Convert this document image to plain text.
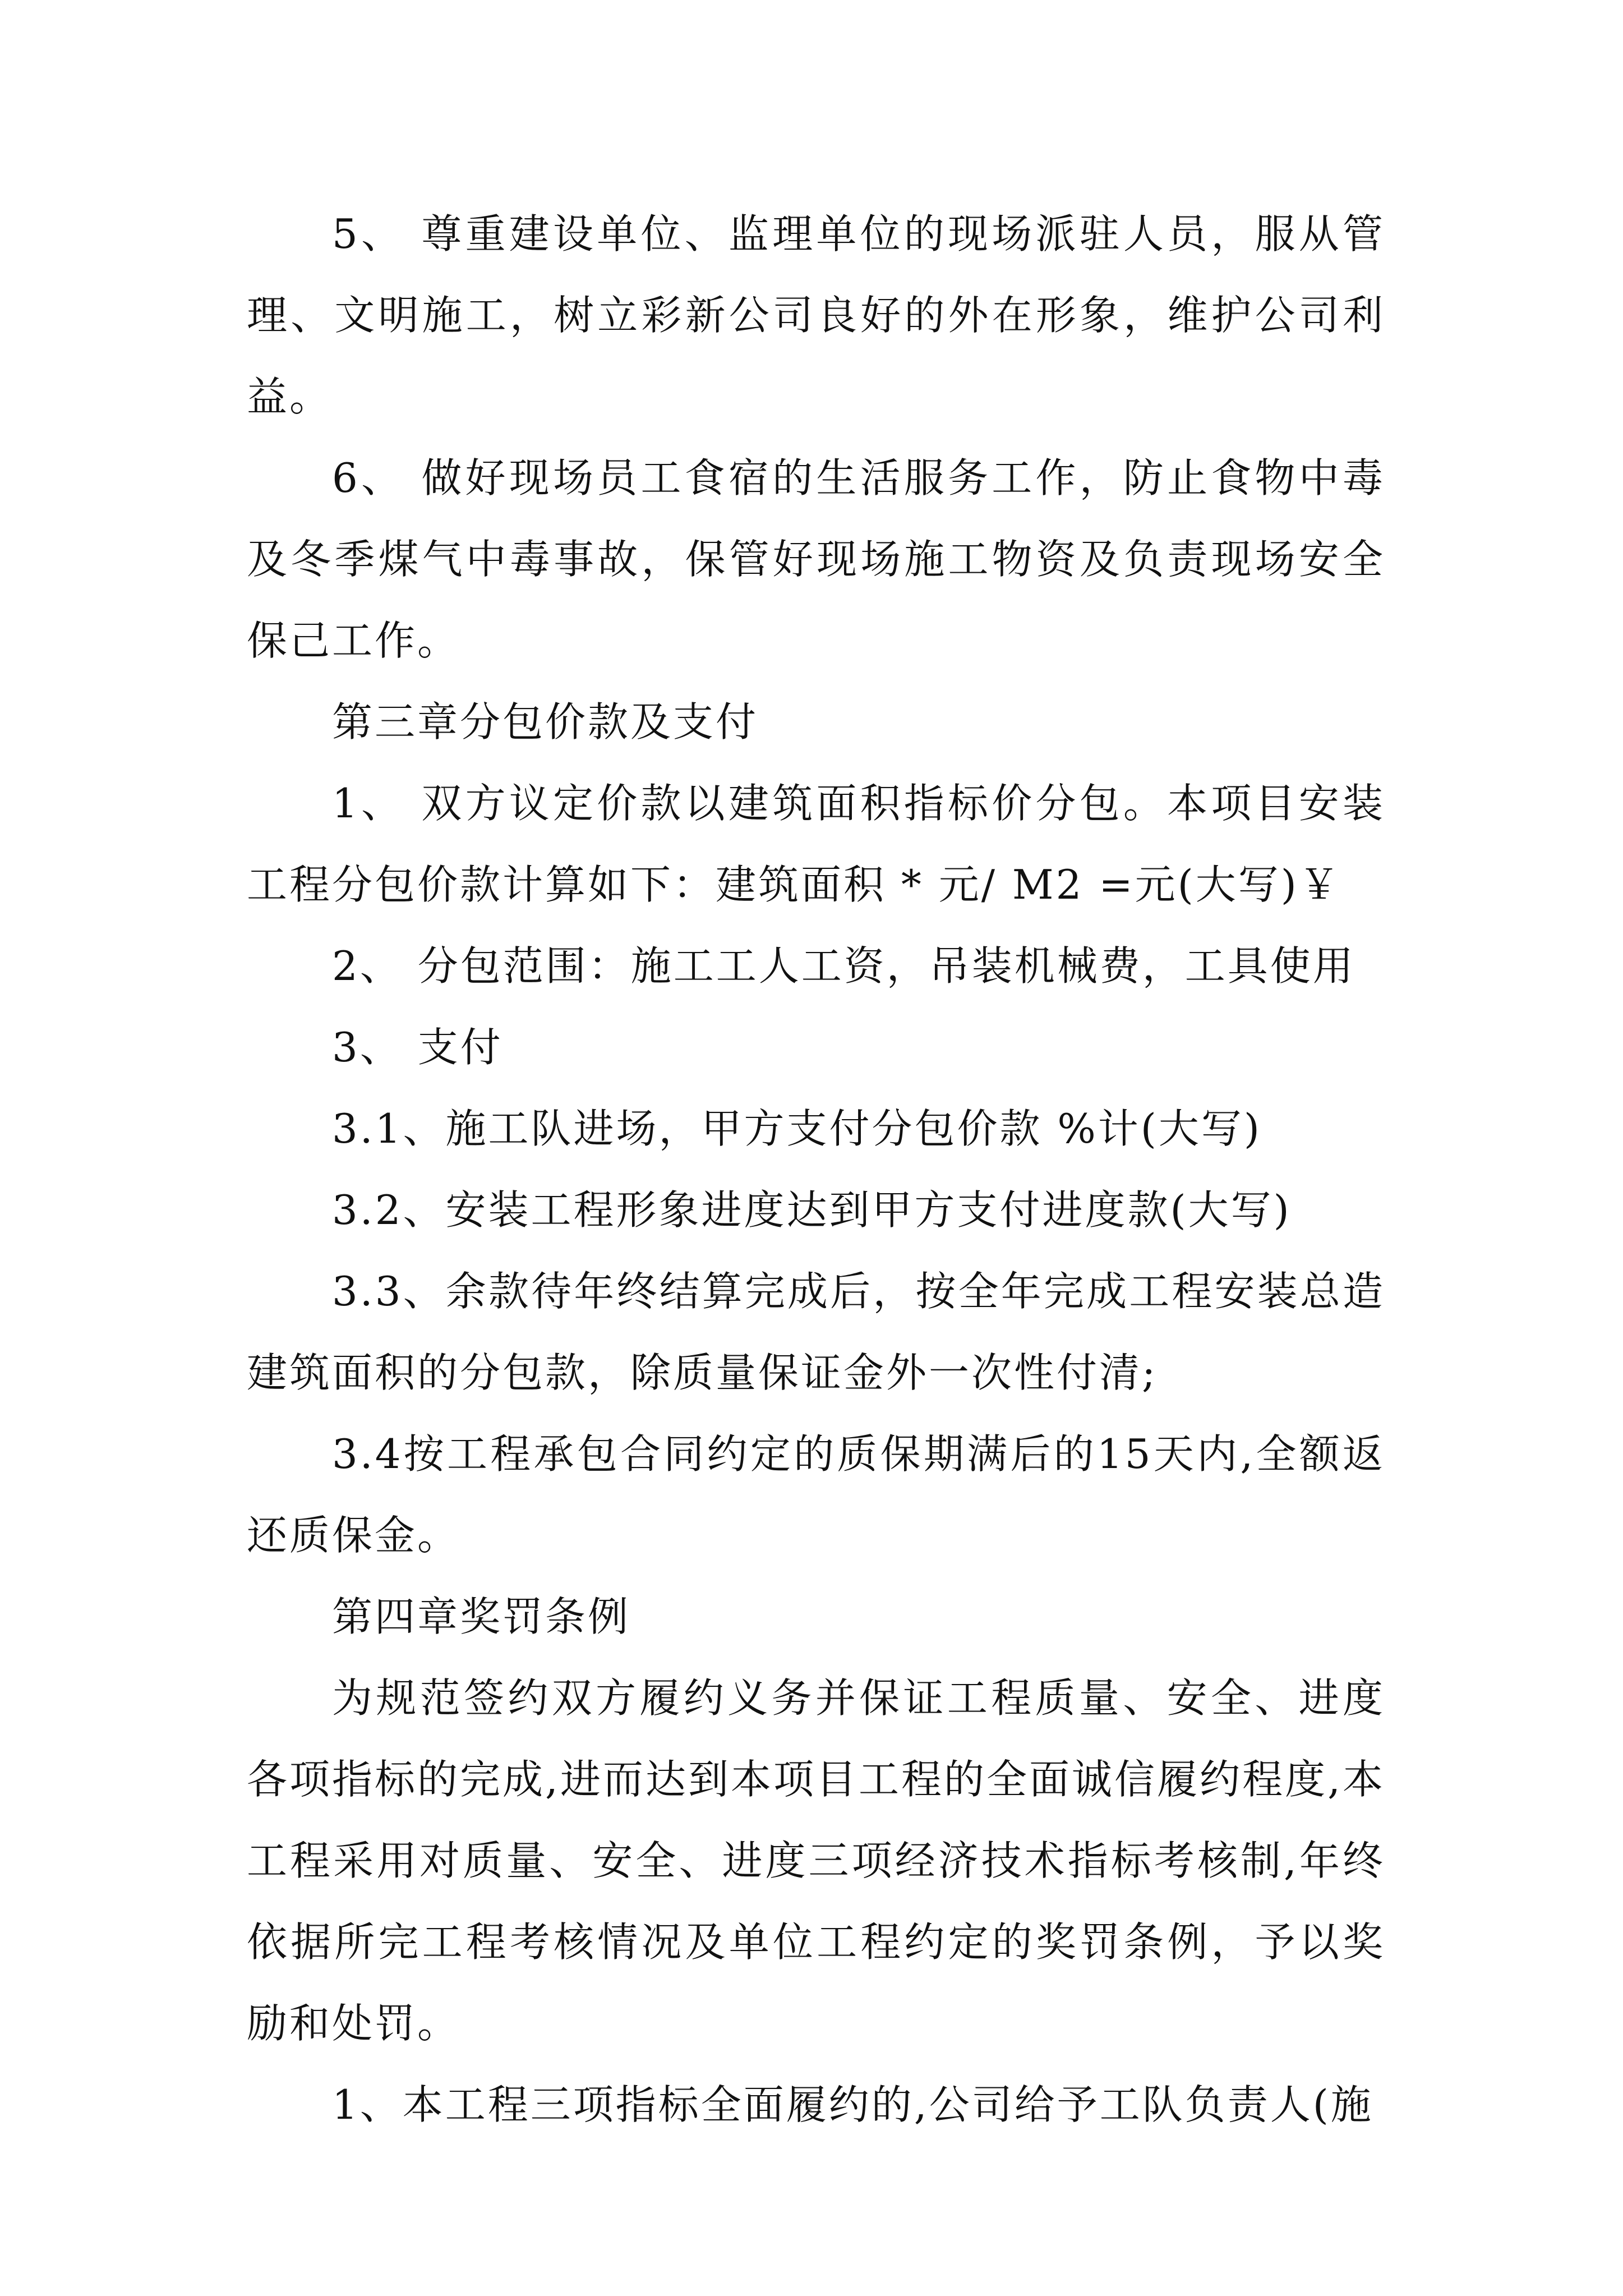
5、 尊重建设单位、监理单位的现场派驻人员，服从管理、文明施工，树立彩新公司良好的外在形象，维护公司利益。

6、 做好现场员工食宿的生活服务工作，防止食物中毒及冬季煤气中毒事故，保管好现场施工物资及负责现场安全保己工作。

第三章分包价款及支付

1、 双方议定价款以建筑面积指标价分包。本项目安装工程分包价款计算如下：建筑面积 * 元/ M2 =元(大写)￥

2、 分包范围：施工工人工资，吊装机械费，工具使用

3、 支付

3.1、施工队进场，甲方支付分包价款 %计(大写)

3.2、安装工程形象进度达到甲方支付进度款(大写)

3.3、余款待年终结算完成后，按全年完成工程安装总造建筑面积的分包款，除质量保证金外一次性付清;

3.4按工程承包合同约定的质保期满后的15天内,全额返还质保金。

第四章奖罚条例

为规范签约双方履约义务并保证工程质量、安全、进度各项指标的完成,进而达到本项目工程的全面诚信履约程度,本工程采用对质量、安全、进度三项经济技术指标考核制,年终依据所完工程考核情况及单位工程约定的奖罚条例，予以奖励和处罚。

1、本工程三项指标全面履约的,公司给予工队负责人(施
